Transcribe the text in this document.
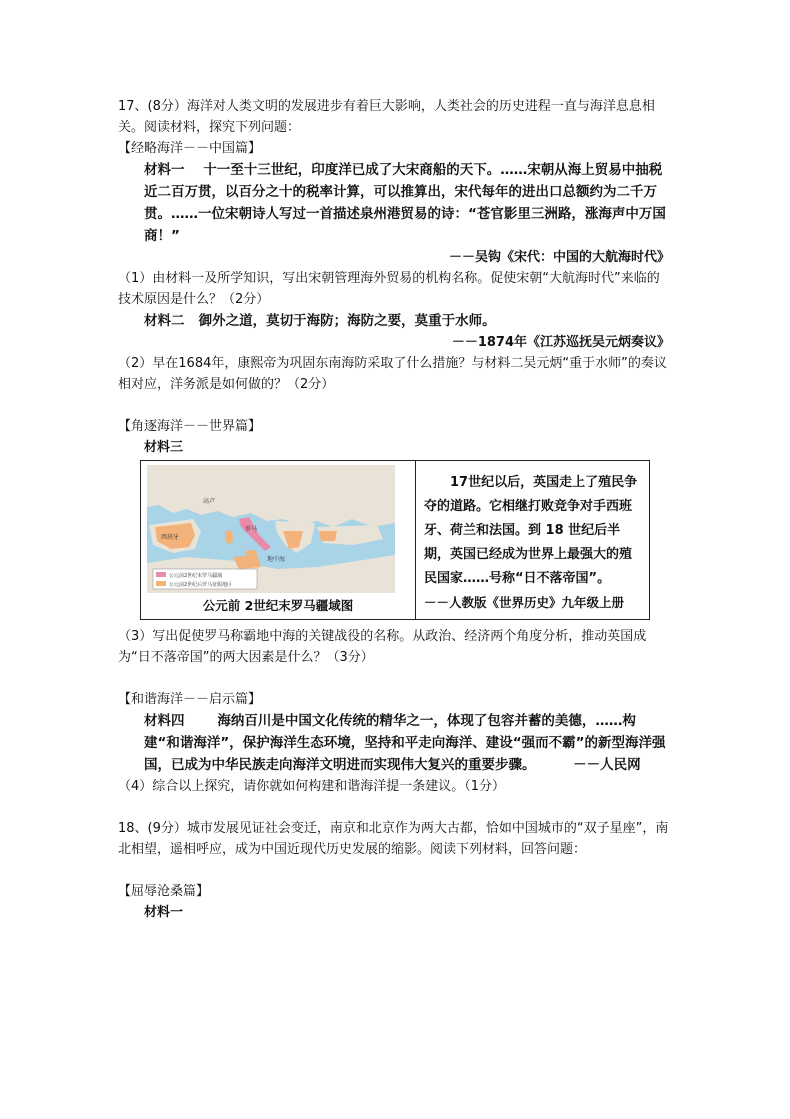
17、(8分）海洋对人类文明的发展进步有着巨大影响，人类社会的历史进程一直与海洋息息相关。阅读材料，探究下列问题：

【经略海洋－－中国篇】

材料一 十一至十三世纪，印度洋已成了大宋商船的天下。……宋朝从海上贸易中抽税近二百万贯，以百分之十的税率计算，可以推算出，宋代每年的进出口总额约为二千万贯。……一位宋朝诗人写过一首描述泉州港贸易的诗：“苍官影里三洲路，涨海声中万国商！”

－－吴钩《宋代：中国的大航海时代》

（1）由材料一及所学知识，写出宋朝管理海外贸易的机构名称。促使宋朝“大航海时代”来临的技术原因是什么？（2分）

材料二 御外之道，莫切于海防；海防之要，莫重于水师。

－－1874年《江苏巡抚吴元炳奏议》

（2）早在1684年，康熙帝为巩固东南海防采取了什么措施？与材料二吴元炳“重于水师”的奏议相对应，洋务派是如何做的？（2分）

【角逐海洋－－世界篇】

材料三

公元前2世纪末罗马疆域
公元前2世纪后罗马征服地区
西班牙
高卢
罗马
地中海
公元前 2世纪末罗马疆域图

17世纪以后，英国走上了殖民争夺的道路。它相继打败竞争对手西班牙、荷兰和法国。到 18 世纪后半期，英国已经成为世界上最强大的殖民国家……号称“日不落帝国”。
－－人教版《世界历史》九年级上册

（3）写出促使罗马称霸地中海的关键战役的名称。从政治、经济两个角度分析，推动英国成为“日不落帝国”的两大因素是什么？（3分）

【和谐海洋－－启示篇】

材料四 海纳百川是中国文化传统的精华之一，体现了包容并蓄的美德，……构建“和谐海洋”，保护海洋生态环境，坚持和平走向海洋、建设“强而不霸”的新型海洋强国，已成为中华民族走向海洋文明进而实现伟大复兴的重要步骤。	－－人民网

（4）综合以上探究，请你就如何构建和谐海洋提一条建议。（1分）

18、(9分）城市发展见证社会变迁，南京和北京作为两大古都，恰如中国城市的“双子星座”，南北相望，遥相呼应，成为中国近现代历史发展的缩影。阅读下列材料，回答问题：

【屈辱沧桑篇】

材料一
